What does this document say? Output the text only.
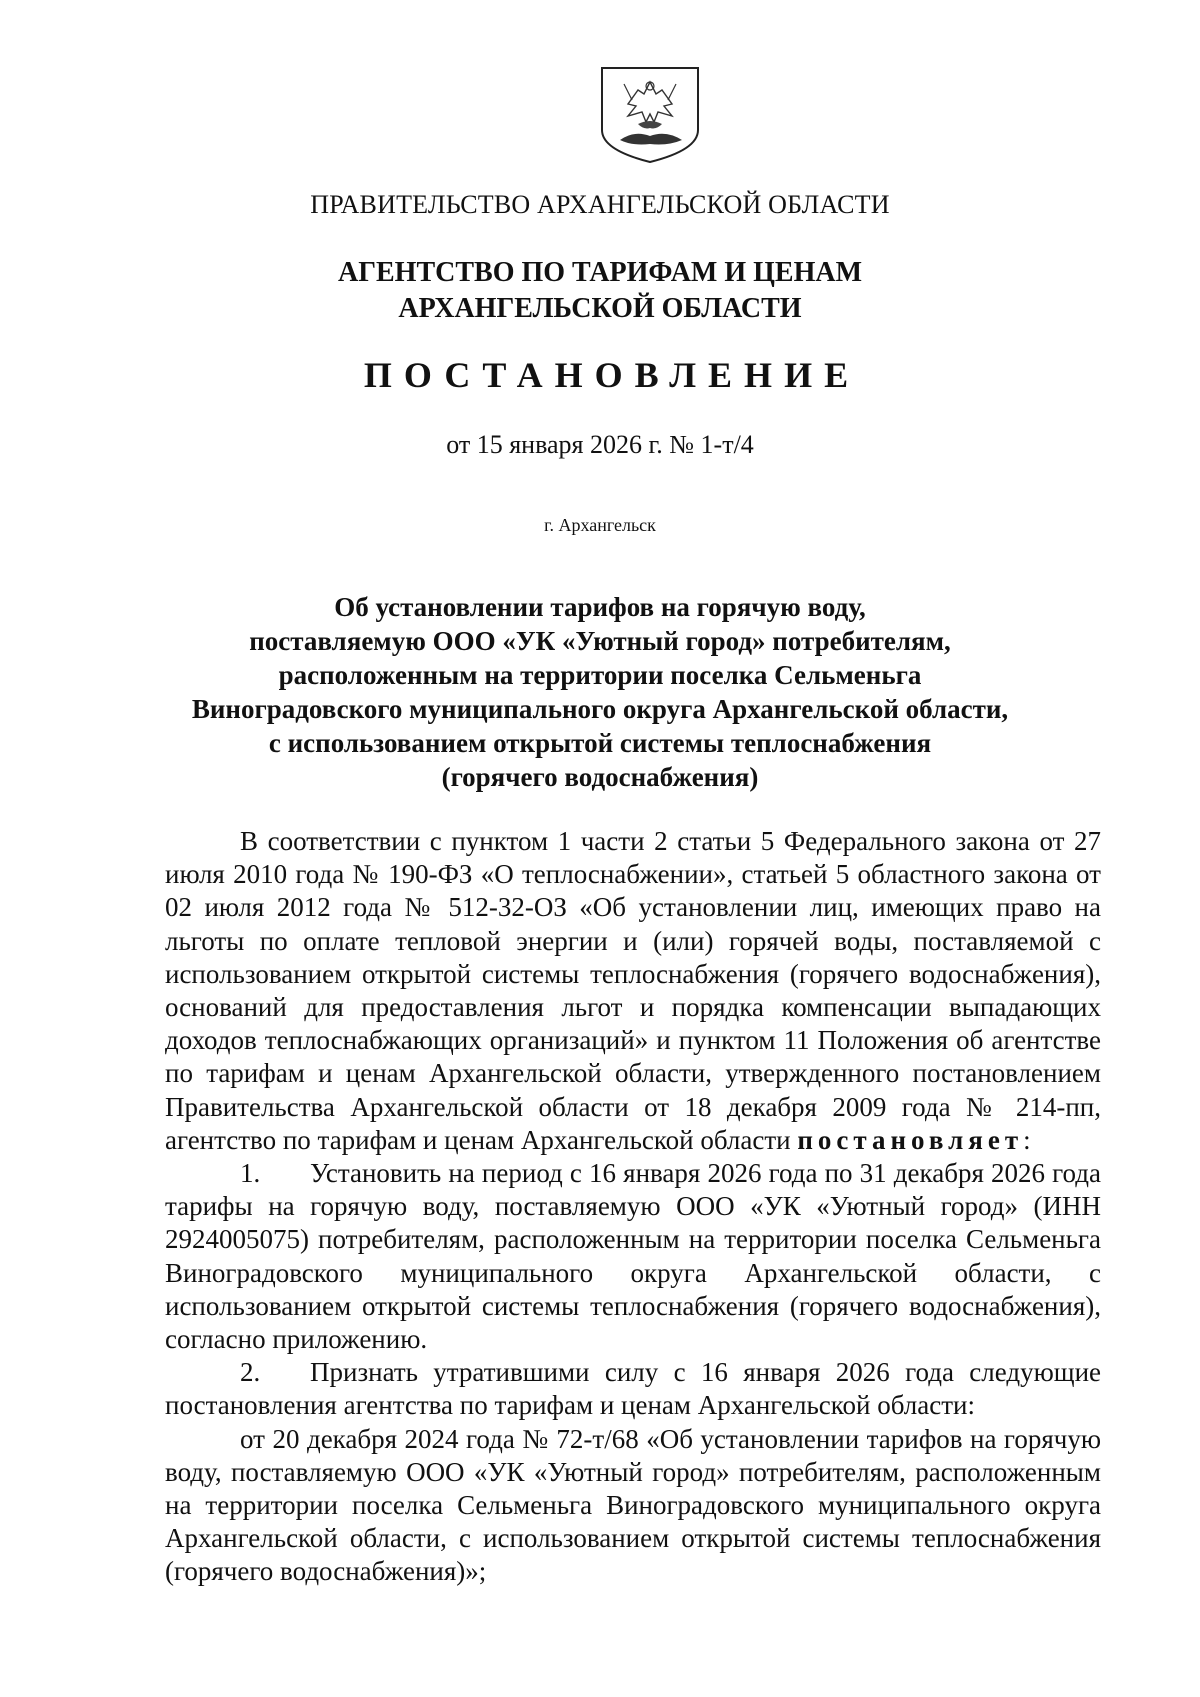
ПРАВИТЕЛЬСТВО АРХАНГЕЛЬСКОЙ ОБЛАСТИ
АГЕНТСТВО ПО ТАРИФАМ И ЦЕНАМ
АРХАНГЕЛЬСКОЙ ОБЛАСТИ
ПОСТАНОВЛЕНИЕ
от 15 января 2026 г. № 1-т/4
г. Архангельск
Об установлении тарифов на горячую воду,
поставляемую ООО «УК «Уютный город» потребителям,
расположенным на территории поселка Сельменьга
Виноградовского муниципального округа Архангельской области,
с использованием открытой системы теплоснабжения
(горячего водоснабжения)

В соответствии с пунктом 1 части 2 статьи 5 Федерального закона от 27 июля 2010 года № 190-ФЗ «О теплоснабжении», статьей 5 областного закона от 02 июля 2012 года № 512-32-ОЗ «Об установлении лиц, имеющих право на льготы по оплате тепловой энергии и (или) горячей воды, поставляемой с использованием открытой системы теплоснабжения (горячего водоснабжения), оснований для предоставления льгот и порядка компенсации выпадающих доходов теплоснабжающих организаций» и пунктом 11 Положения об агентстве по тарифам и ценам Архангельской области, утвержденного постановлением Правительства Архангельской области от 18 декабря 2009 года № 214-пп, агентство по тарифам и ценам Архангельской области постановляет:

1. Установить на период с 16 января 2026 года по 31 декабря 2026 года тарифы на горячую воду, поставляемую ООО «УК «Уютный город» (ИНН 2924005075) потребителям, расположенным на территории поселка Сельменьга Виноградовского муниципального округа Архангельской области, с использованием открытой системы теплоснабжения (горячего водоснабжения), согласно приложению.

2. Признать утратившими силу с 16 января 2026 года следующие постановления агентства по тарифам и ценам Архангельской области:

от 20 декабря 2024 года № 72-т/68 «Об установлении тарифов на горячую воду, поставляемую ООО «УК «Уютный город» потребителям, расположенным на территории поселка Сельменьга Виноградовского муниципального округа Архангельской области, с использованием открытой системы теплоснабжения (горячего водоснабжения)»;
